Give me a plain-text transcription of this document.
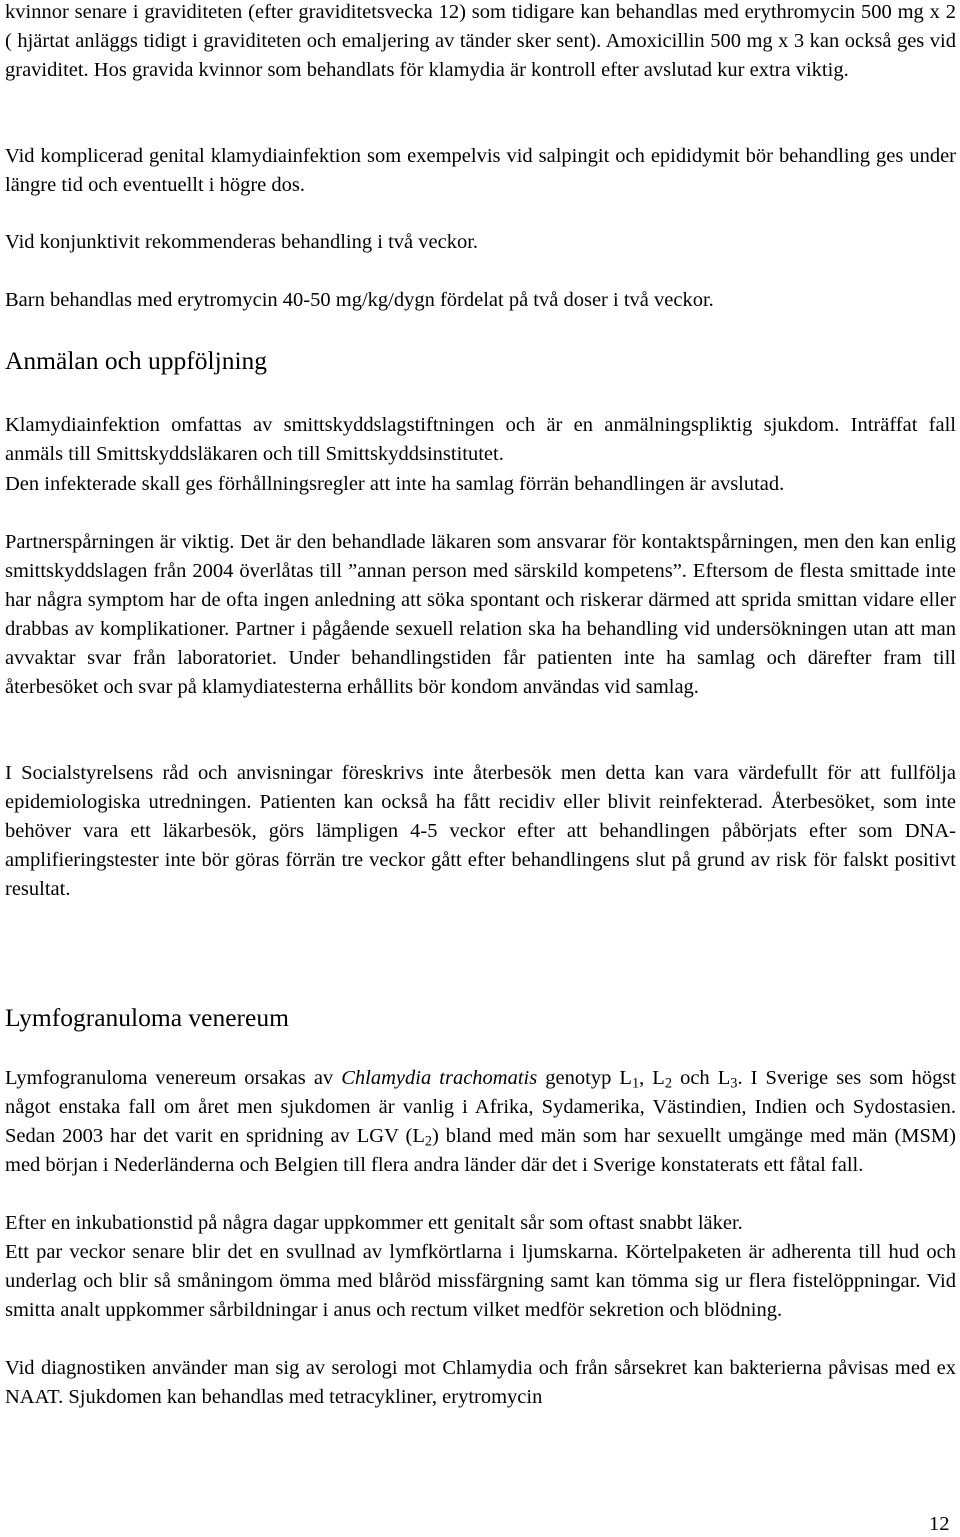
kvinnor senare i graviditeten (efter graviditetsvecka 12) som tidigare kan behandlas med erythromycin 500 mg x 2 ( hjärtat anläggs tidigt i graviditeten och emaljering av tänder sker sent). Amoxicillin 500 mg x 3 kan också ges vid graviditet. Hos gravida kvinnor som behandlats för klamydia är kontroll efter avslutad kur extra viktig.

Vid komplicerad genital klamydiainfektion som exempelvis vid salpingit och epididymit bör behandling ges under längre tid och eventuellt i högre dos.

Vid konjunktivit rekommenderas behandling i två veckor.

Barn behandlas med erytromycin 40-50 mg/kg/dygn fördelat på två doser i två veckor.

Anmälan och uppföljning

Klamydiainfektion omfattas av smittskyddslagstiftningen och är en anmälningspliktig sjukdom. Inträffat fall anmäls till Smittskyddsläkaren och till Smittskyddsinstitutet.

Den infekterade skall ges förhållningsregler att inte ha samlag förrän behandlingen är avslutad.

Partnerspårningen är viktig. Det är den behandlade läkaren som ansvarar för kontaktspårningen, men den kan enlig smittskyddslagen från 2004 överlåtas till ”annan person med särskild kompetens”. Eftersom de flesta smittade inte har några symptom har de ofta ingen anledning att söka spontant och riskerar därmed att sprida smittan vidare eller drabbas av komplikationer. Partner i pågående sexuell relation ska ha behandling vid undersökningen utan att man avvaktar svar från laboratoriet. Under behandlingstiden får patienten inte ha samlag och därefter fram till återbesöket och svar på klamydiatesterna erhållits bör kondom användas vid samlag.

I Socialstyrelsens råd och anvisningar föreskrivs inte återbesök men detta kan vara värdefullt för att fullfölja epidemiologiska utredningen. Patienten kan också ha fått recidiv eller blivit reinfekterad. Återbesöket, som inte behöver vara ett läkarbesök, görs lämpligen 4-5 veckor efter att behandlingen påbörjats efter som DNA-amplifieringstester inte bör göras förrän tre veckor gått efter behandlingens slut på grund av risk för falskt positivt resultat.

Lymfogranuloma venereum

Lymfogranuloma venereum orsakas av Chlamydia trachomatis genotyp $L_1$, $L_2$ och $L_3$. I Sverige ses som högst något enstaka fall om året men sjukdomen är vanlig i Afrika, Sydamerika, Västindien, Indien och Sydostasien. Sedan 2003 har det varit en spridning av LGV $(L_2)$ bland med män som har sexuellt umgänge med män (MSM) med början i Nederländerna och Belgien till flera andra länder där det i Sverige konstaterats ett fåtal fall.

Efter en inkubationstid på några dagar uppkommer ett genitalt sår som oftast snabbt läker.

Ett par veckor senare blir det en svullnad av lymfkörtlarna i ljumskarna. Körtelpaketen är adherenta till hud och underlag och blir så småningom ömma med blåröd missfärgning samt kan tömma sig ur flera fistelöppningar. Vid smitta analt uppkommer sårbildningar i anus och rectum vilket medför sekretion och blödning.

Vid diagnostiken använder man sig av serologi mot Chlamydia och från sårsekret kan bakterierna påvisas med ex NAAT. Sjukdomen kan behandlas med tetracykliner, erytromycin

12
